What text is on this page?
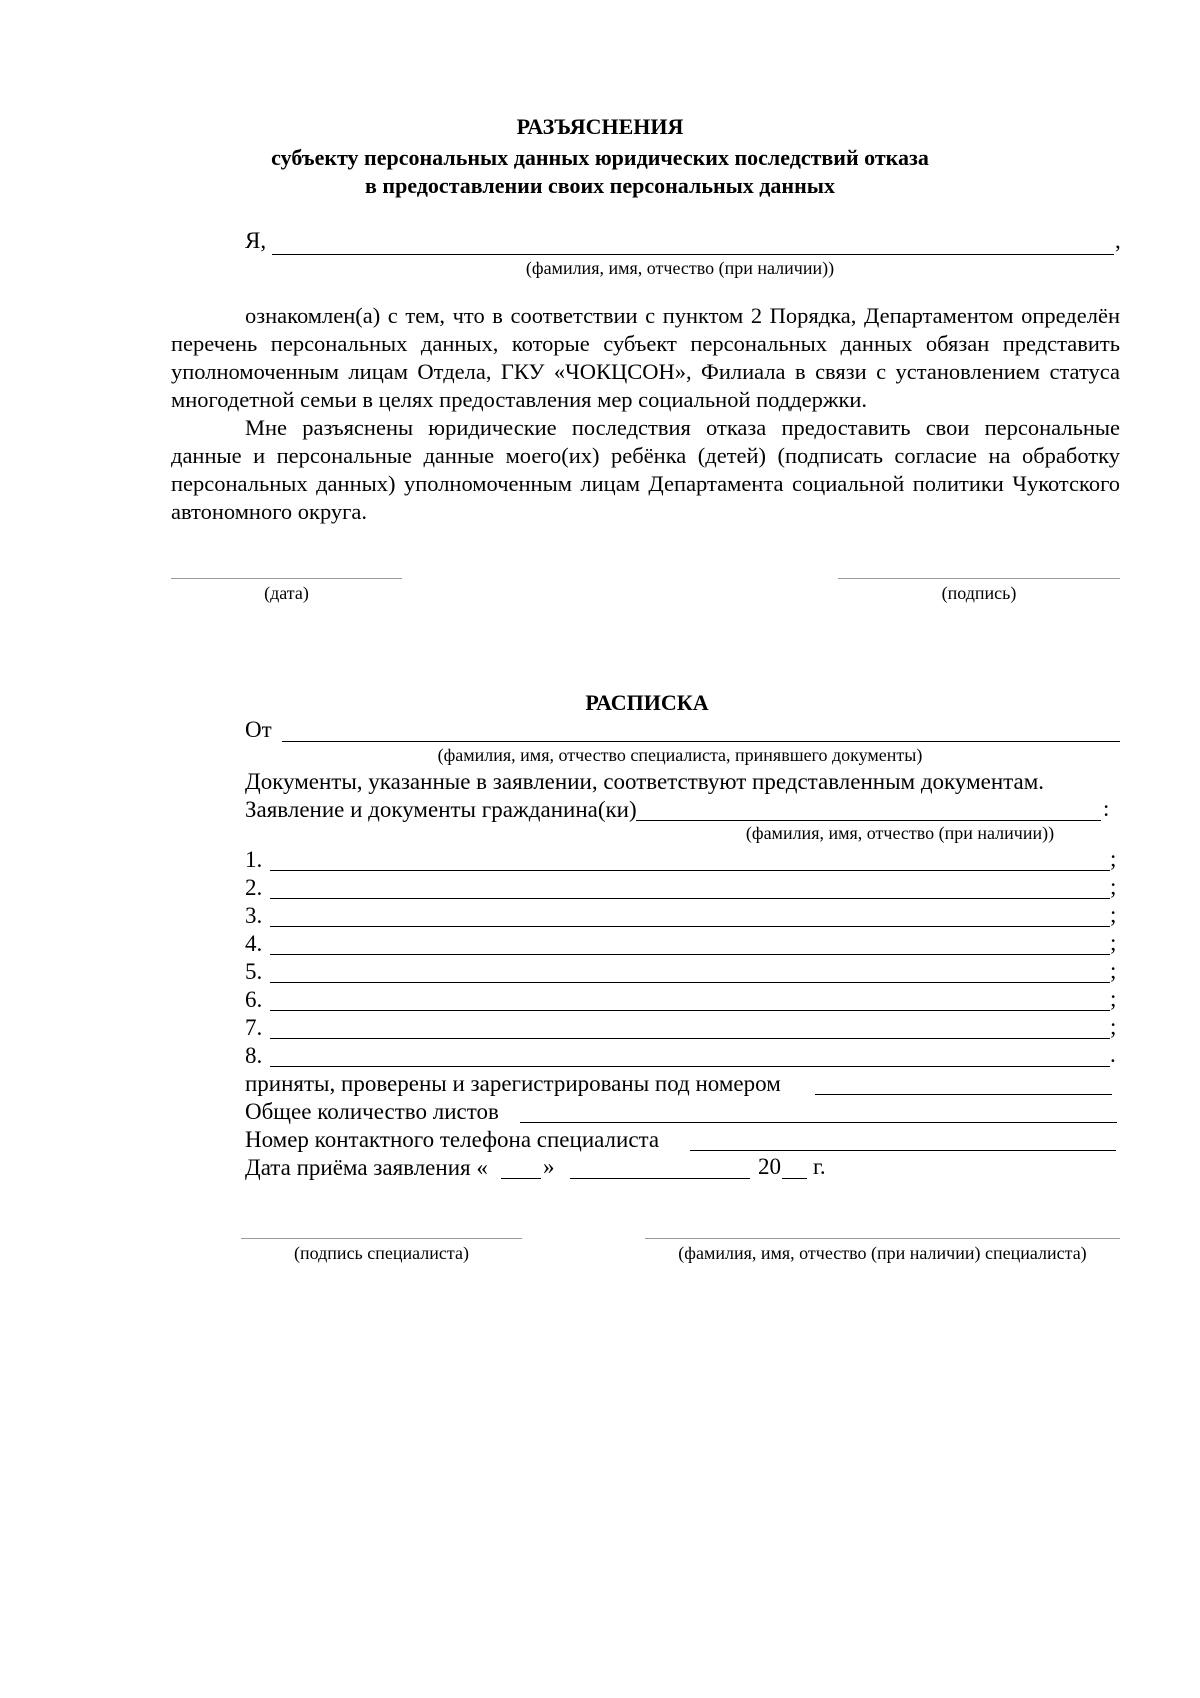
РАЗЪЯСНЕНИЯ
субъекту персональных данных юридических последствий отказа
в предоставлении своих персональных данных
Я,	,
(фамилия, имя, отчество (при наличии))

ознакомлен(а) с тем, что в соответствии с пунктом 2 Порядка, Департаментом определён перечень персональных данных, которые субъект персональных данных обязан представить уполномоченным лицам Отдела, ГКУ «ЧОКЦСОН», Филиала в связи с установлением статуса многодетной семьи в целях предоставления мер социальной поддержки.

Мне разъяснены юридические последствия отказа предоставить свои персональные данные и персональные данные моего(их) ребёнка (детей) (подписать согласие на обработку персональных данных) уполномоченным лицам Департамента социальной политики Чукотского автономного округа.

(дата)	(подпись)
РАСПИСКА
От
(фамилия, имя, отчество специалиста, принявшего документы)
Документы, указанные в заявлении, соответствуют представленным документам.
Заявление и документы гражданина(ки)	:
(фамилия, имя, отчество (при наличии))
1.	;
2.	;
3.	;
4.	;
5.	;
6.	;
7.	;
8.	.
приняты, проверены и зарегистрированы под номером
Общее количество листов
Номер контактного телефона специалиста
Дата приёма заявления « »	20 г.
(подпись специалиста)	(фамилия, имя, отчество (при наличии) специалиста)
